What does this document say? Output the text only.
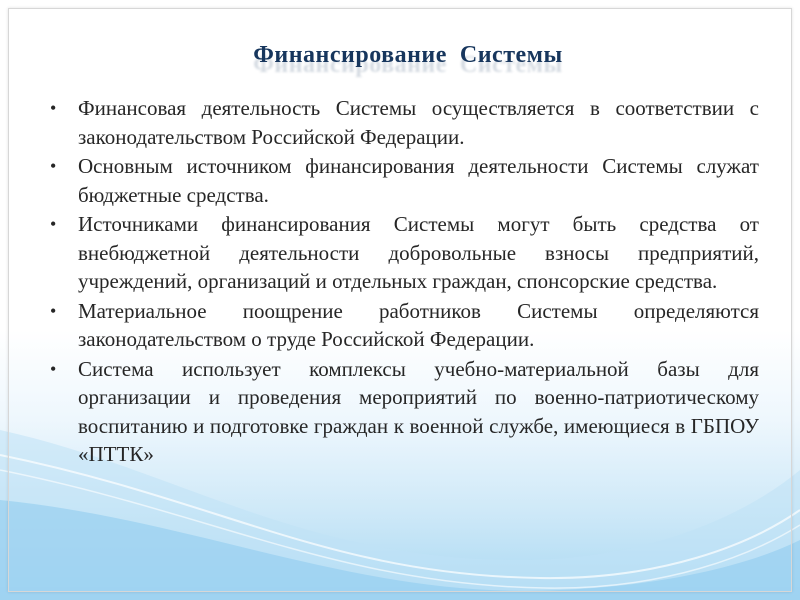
Финансирование  Системы
• Финансовая деятельность Системы осуществляется в соответствии с законодательством Российской Федерации.
• Основным источником финансирования деятельности Системы служат бюджетные средства.
• Источниками финансирования Системы могут быть средства от внебюджетной деятельности добровольные взносы предприятий, учреждений, организаций и отдельных граждан, спонсорские средства.
• Материальное поощрение работников Системы определяются законодательством о труде Российской Федерации.
• Система использует комплексы учебно-материальной базы для организации и проведения мероприятий по военно-патриотическому воспитанию и подготовке граждан к военной службе, имеющиеся в ГБПОУ «ПТТК»
